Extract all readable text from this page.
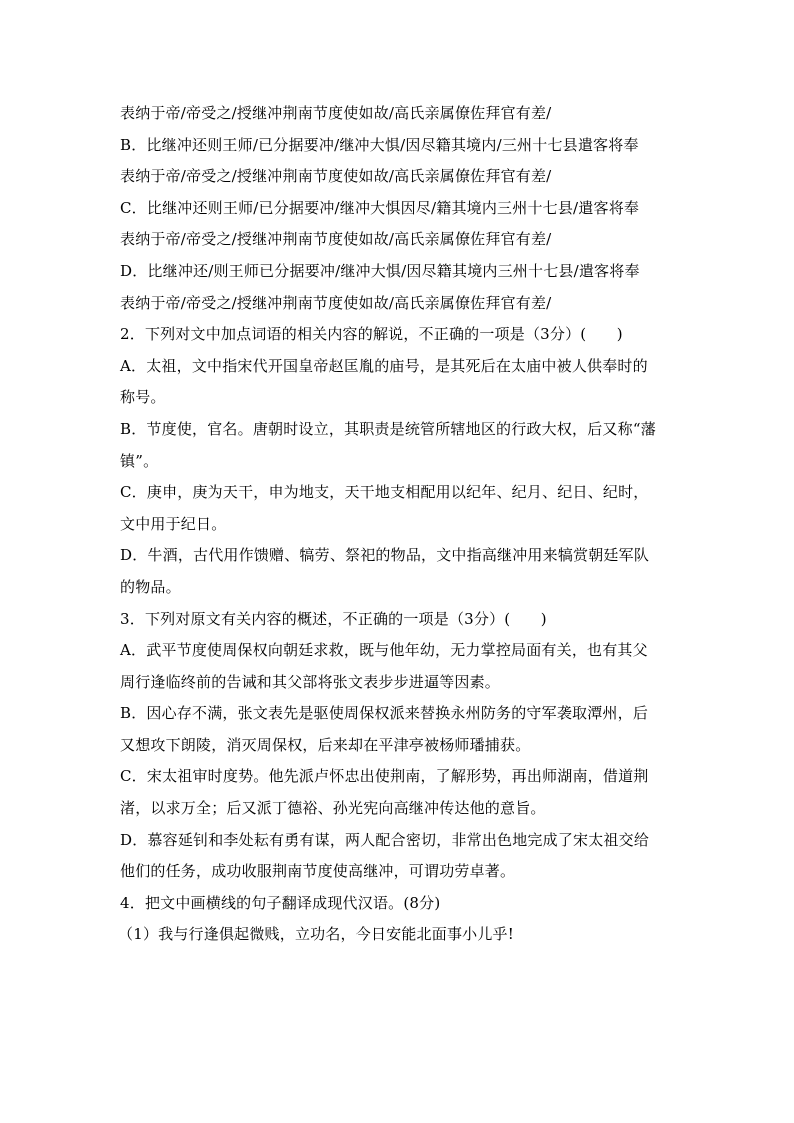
表纳于帝/帝受之/授继冲荆南节度使如故/高氏亲属僚佐拜官有差/
B．比继冲还则王师/已分据要冲/继冲大惧/因尽籍其境内/三州十七县遣客将奉
表纳于帝/帝受之/授继冲荆南节度使如故/高氏亲属僚佐拜官有差/
C．比继冲还则王师/已分据要冲/继冲大惧因尽/籍其境内三州十七县/遣客将奉
表纳于帝/帝受之/授继冲荆南节度使如故/高氏亲属僚佐拜官有差/
D．比继冲还/则王师已分据要冲/继冲大惧/因尽籍其境内三州十七县/遣客将奉
表纳于帝/帝受之/授继冲荆南节度使如故/高氏亲属僚佐拜官有差/
2．下列对文中加点词语的相关内容的解说，不正确的一项是（3分）(　　)
A．太祖，文中指宋代开国皇帝赵匡胤的庙号，是其死后在太庙中被人供奉时的
称号。
B．节度使，官名。唐朝时设立，其职责是统管所辖地区的行政大权，后又称“藩
镇”。
C．庚申，庚为天干，申为地支，天干地支相配用以纪年、纪月、纪日、纪时，
文中用于纪日。
D．牛酒，古代用作馈赠、犒劳、祭祀的物品，文中指高继冲用来犒赏朝廷军队
的物品。
3．下列对原文有关内容的概述，不正确的一项是（3分）(　　)
A．武平节度使周保权向朝廷求救，既与他年幼，无力掌控局面有关，也有其父
周行逢临终前的告诫和其父部将张文表步步进逼等因素。
B．因心存不满，张文表先是驱使周保权派来替换永州防务的守军袭取潭州，后
又想攻下朗陵，消灭周保权，后来却在平津亭被杨师璠捕获。
C．宋太祖审时度势。他先派卢怀忠出使荆南，了解形势，再出师湖南，借道荆
渚，以求万全；后又派丁德裕、孙光宪向高继冲传达他的意旨。
D．慕容延钊和李处耘有勇有谋，两人配合密切，非常出色地完成了宋太祖交给
他们的任务，成功收服荆南节度使高继冲，可谓功劳卓著。
4．把文中画横线的句子翻译成现代汉语。(8分)
（1）我与行逢俱起微贱，立功名，今日安能北面事小儿乎!
